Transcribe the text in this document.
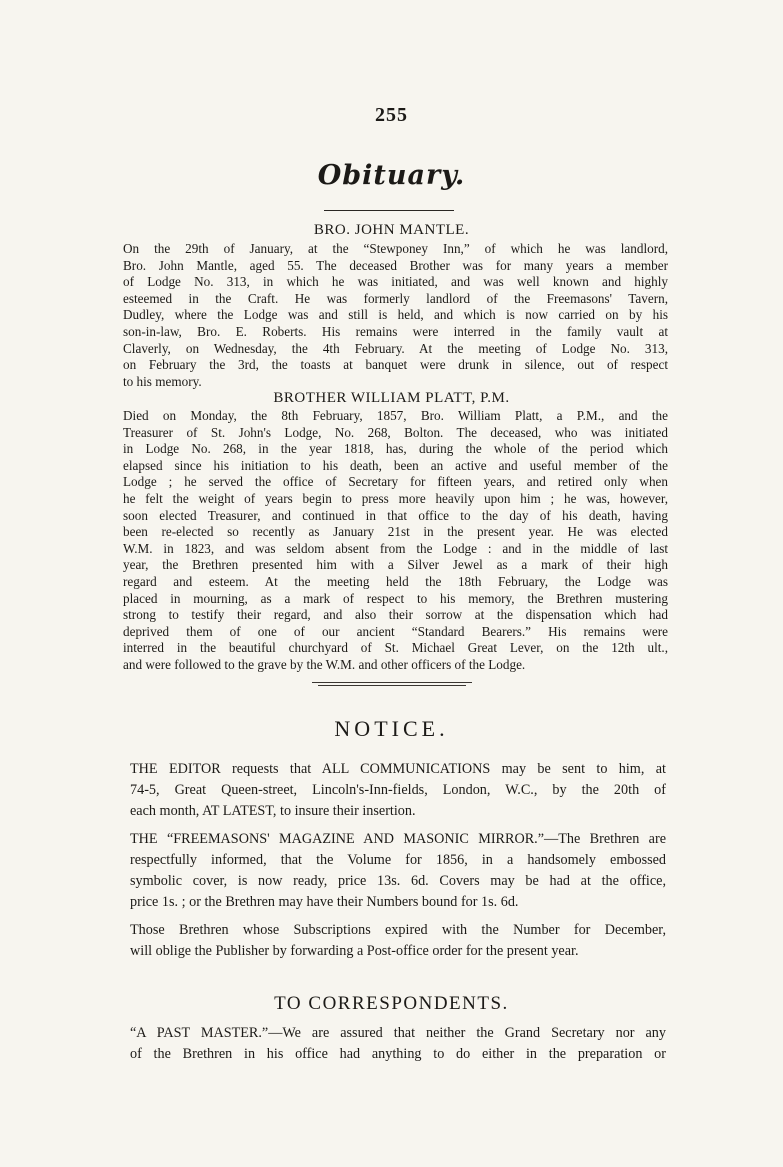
255
Obituary.
BRO. JOHN MANTLE.
On the 29th of January, at the “Stewponey Inn,” of which he was landlord,
Bro. John Mantle, aged 55. The deceased Brother was for many years a member
of Lodge No. 313, in which he was initiated, and was well known and highly
esteemed in the Craft. He was formerly landlord of the Freemasons' Tavern,
Dudley, where the Lodge was and still is held, and which is now carried on by his
son-in-law, Bro. E. Roberts. His remains were interred in the family vault at
Claverly, on Wednesday, the 4th February. At the meeting of Lodge No. 313,
on February the 3rd, the toasts at banquet were drunk in silence, out of respect
to his memory.
BROTHER WILLIAM PLATT, P.M.
Died on Monday, the 8th February, 1857, Bro. William Platt, a P.M., and the
Treasurer of St. John's Lodge, No. 268, Bolton. The deceased, who was initiated
in Lodge No. 268, in the year 1818, has, during the whole of the period which
elapsed since his initiation to his death, been an active and useful member of the
Lodge ; he served the office of Secretary for fifteen years, and retired only when
he felt the weight of years begin to press more heavily upon him ; he was, however,
soon elected Treasurer, and continued in that office to the day of his death, having
been re-elected so recently as January 21st in the present year. He was elected
W.M. in 1823, and was seldom absent from the Lodge : and in the middle of last
year, the Brethren presented him with a Silver Jewel as a mark of their high
regard and esteem. At the meeting held the 18th February, the Lodge was
placed in mourning, as a mark of respect to his memory, the Brethren mustering
strong to testify their regard, and also their sorrow at the dispensation which had
deprived them of one of our ancient “Standard Bearers.” His remains were
interred in the beautiful churchyard of St. Michael Great Lever, on the 12th ult.,
and were followed to the grave by the W.M. and other officers of the Lodge.
NOTICE.
THE EDITOR requests that ALL COMMUNICATIONS may be sent to him, at
74-5, Great Queen-street, Lincoln's-Inn-fields, London, W.C., by the 20th of
each month, AT LATEST, to insure their insertion.
THE “FREEMASONS' MAGAZINE AND MASONIC MIRROR.”—The Brethren are
respectfully informed, that the Volume for 1856, in a handsomely embossed
symbolic cover, is now ready, price 13s. 6d. Covers may be had at the office,
price 1s. ; or the Brethren may have their Numbers bound for 1s. 6d.
Those Brethren whose Subscriptions expired with the Number for December,
will oblige the Publisher by forwarding a Post-office order for the present year.
TO CORRESPONDENTS.
“A PAST MASTER.”—We are assured that neither the Grand Secretary nor any
of the Brethren in his office had anything to do either in the preparation or
